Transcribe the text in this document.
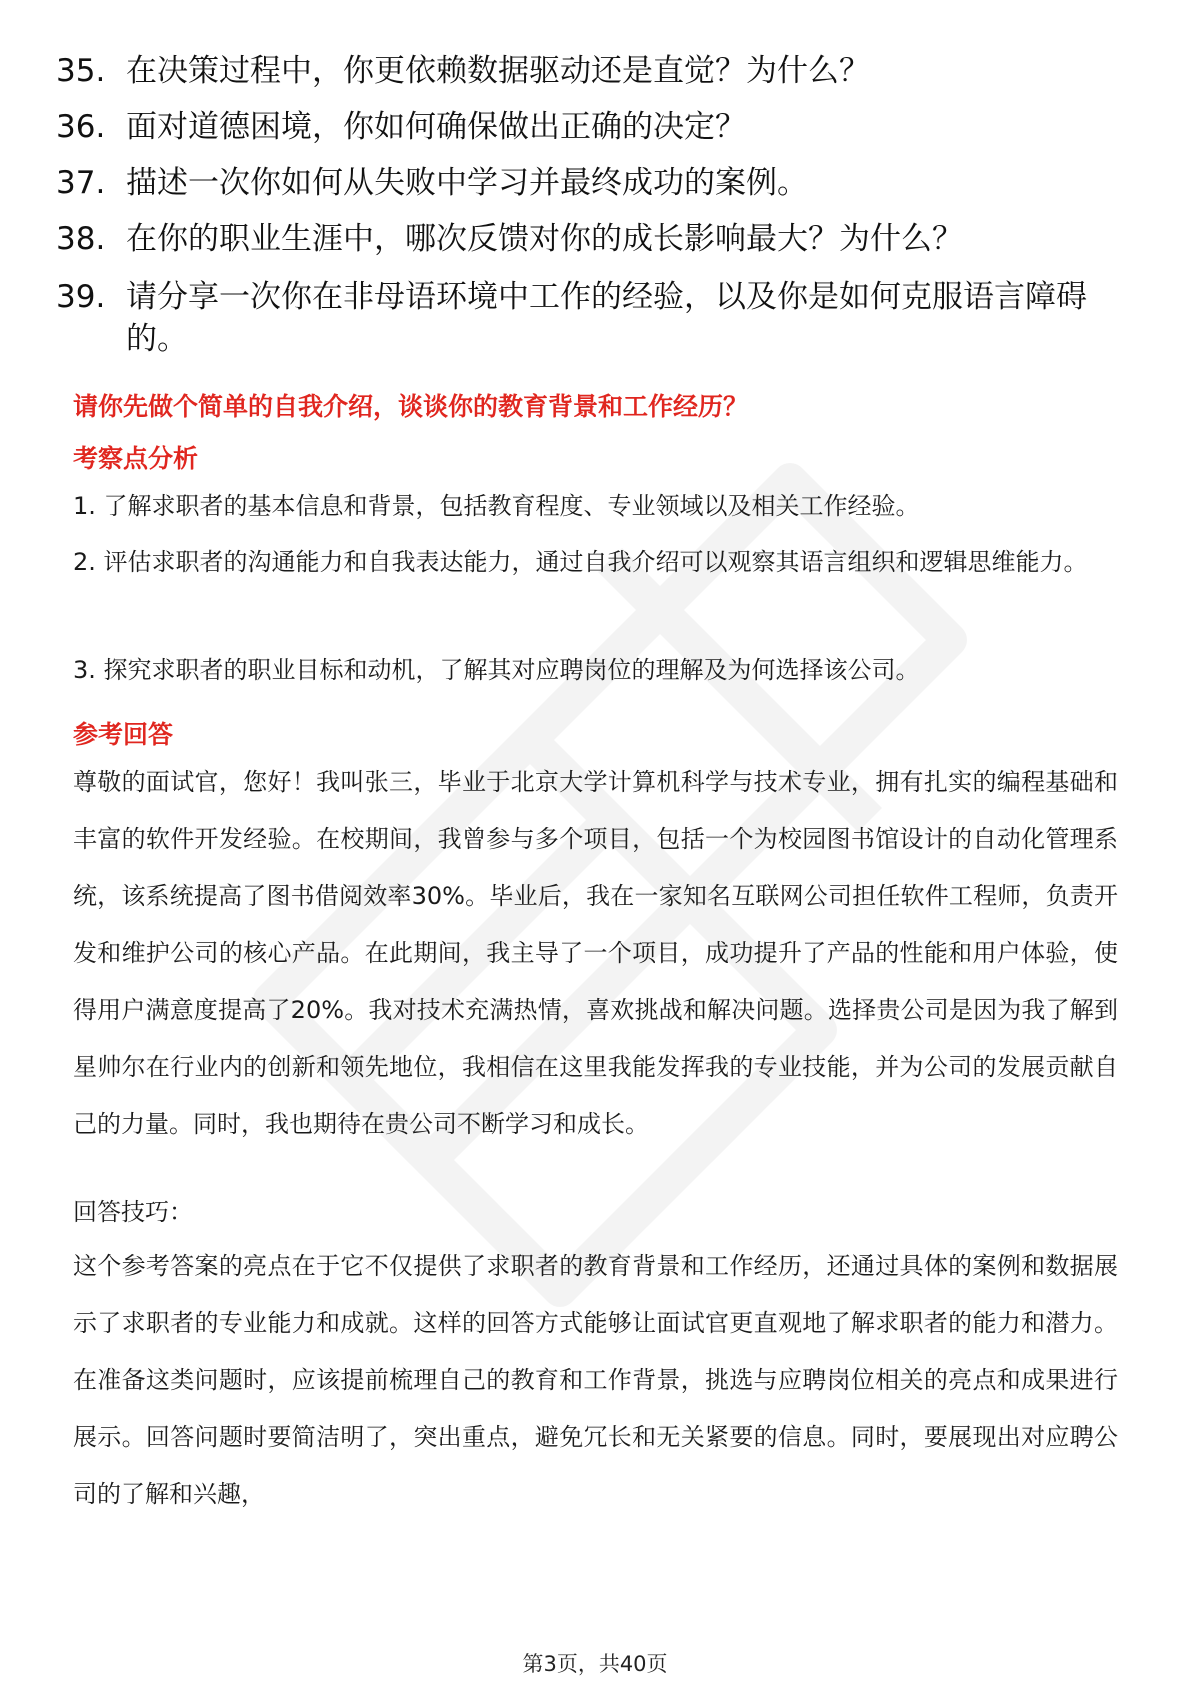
35. 在决策过程中，你更依赖数据驱动还是直觉？为什么？
36. 面对道德困境，你如何确保做出正确的决定？
37. 描述一次你如何从失败中学习并最终成功的案例。
38. 在你的职业生涯中，哪次反馈对你的成长影响最大？为什么？
39. 请分享一次你在非母语环境中工作的经验，以及你是如何克服语言障碍的。
请你先做个简单的自我介绍，谈谈你的教育背景和工作经历？
考察点分析
1. 了解求职者的基本信息和背景，包括教育程度、专业领域以及相关工作经验。
2. 评估求职者的沟通能力和自我表达能力，通过自我介绍可以观察其语言组织和逻辑思维能力。
3. 探究求职者的职业目标和动机，了解其对应聘岗位的理解及为何选择该公司。
参考回答
尊敬的面试官，您好！我叫张三，毕业于北京大学计算机科学与技术专业，拥有扎实的编程基础和丰富的软件开发经验。在校期间，我曾参与多个项目，包括一个为校园图书馆设计的自动化管理系统，该系统提高了图书借阅效率30%。毕业后，我在一家知名互联网公司担任软件工程师，负责开发和维护公司的核心产品。在此期间，我主导了一个项目，成功提升了产品的性能和用户体验，使得用户满意度提高了20%。我对技术充满热情，喜欢挑战和解决问题。选择贵公司是因为我了解到星帅尔在行业内的创新和领先地位，我相信在这里我能发挥我的专业技能，并为公司的发展贡献自己的力量。同时，我也期待在贵公司不断学习和成长。
回答技巧：
这个参考答案的亮点在于它不仅提供了求职者的教育背景和工作经历，还通过具体的案例和数据展示了求职者的专业能力和成就。这样的回答方式能够让面试官更直观地了解求职者的能力和潜力。在准备这类问题时，应该提前梳理自己的教育和工作背景，挑选与应聘岗位相关的亮点和成果进行展示。回答问题时要简洁明了，突出重点，避免冗长和无关紧要的信息。同时，要展现出对应聘公司的了解和兴趣，
第3页，共40页
